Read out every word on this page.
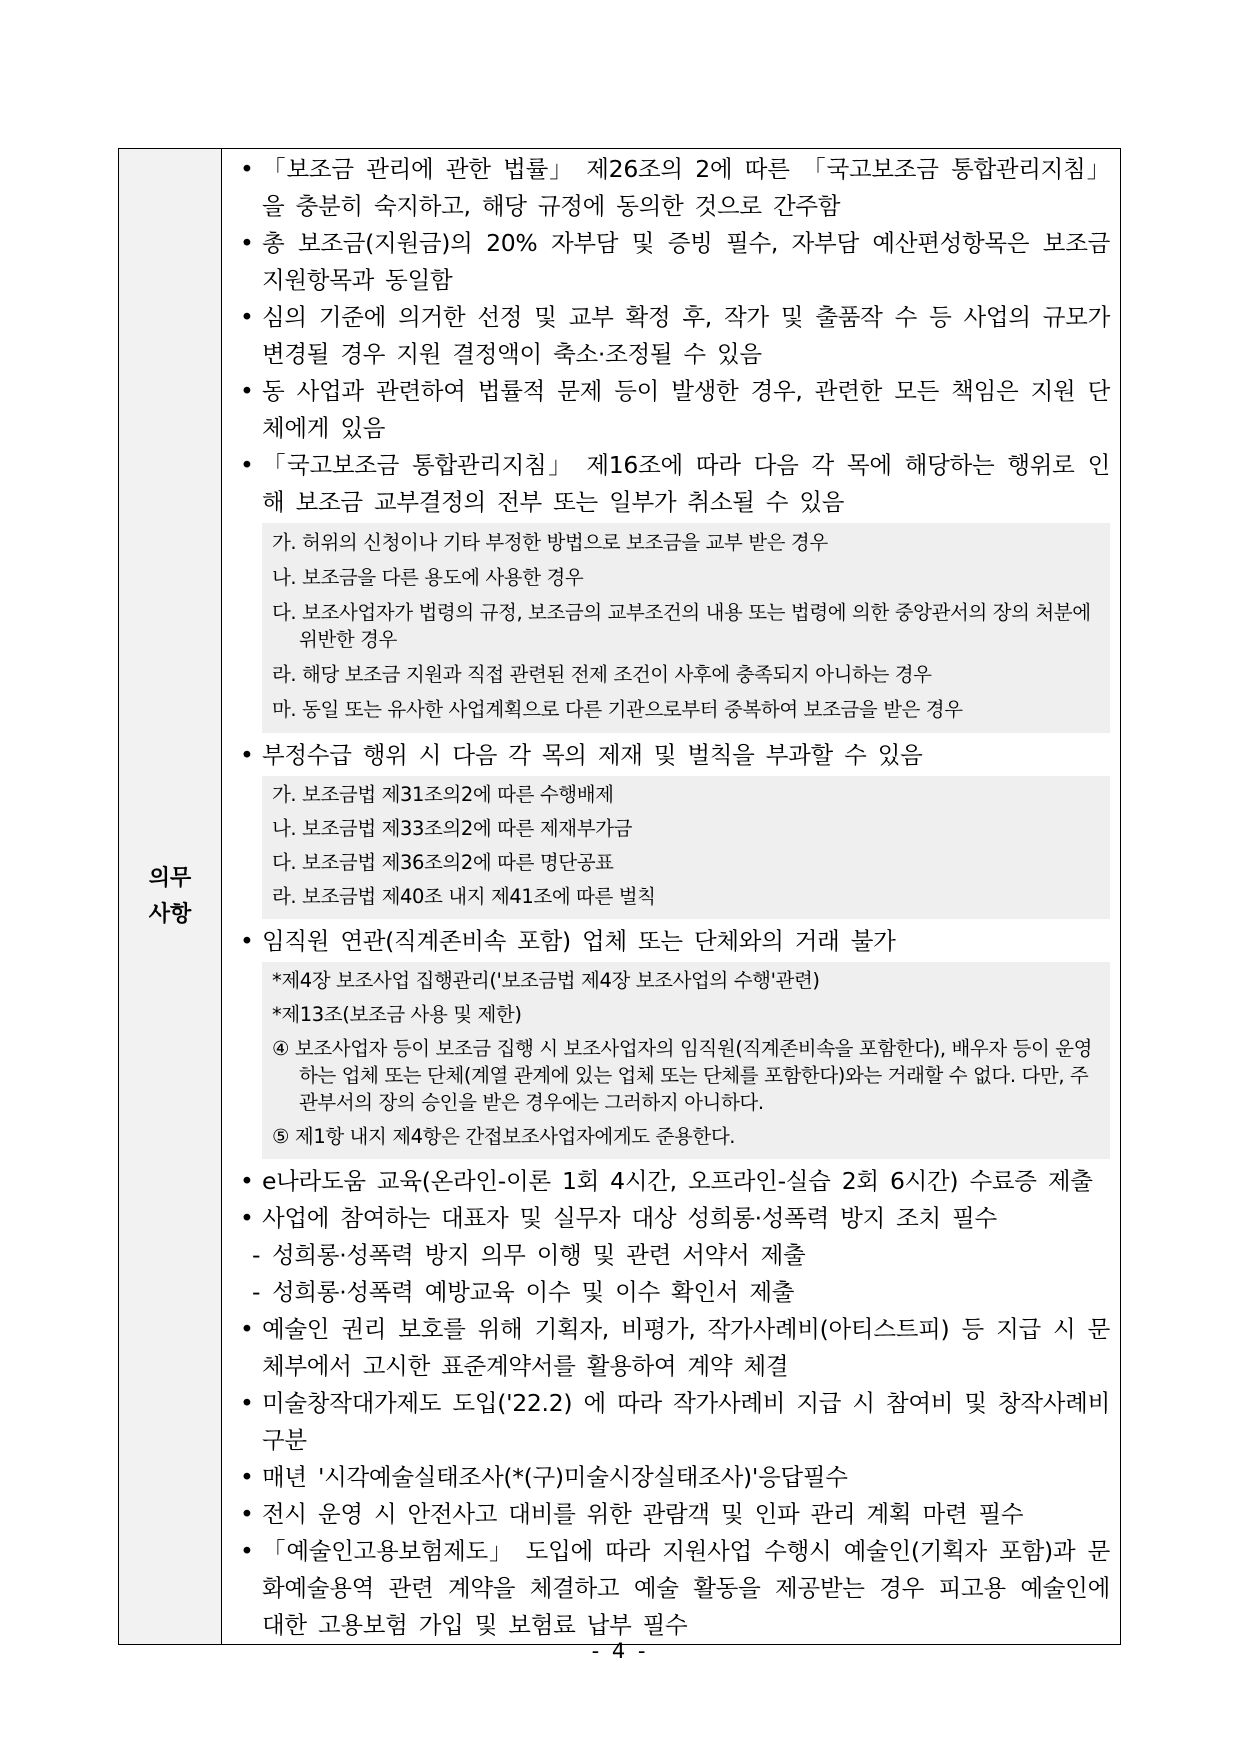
의무
사항

• 「보조금 관리에 관한 법률」 제26조의 2에 따른 「국고보조금 통합관리지침」을 충분히 숙지하고, 해당 규정에 동의한 것으로 간주함
• 총 보조금(지원금)의 20% 자부담 및 증빙 필수, 자부담 예산편성항목은 보조금 지원항목과 동일함
• 심의 기준에 의거한 선정 및 교부 확정 후, 작가 및 출품작 수 등 사업의 규모가 변경될 경우 지원 결정액이 축소·조정될 수 있음
• 동 사업과 관련하여 법률적 문제 등이 발생한 경우, 관련한 모든 책임은 지원 단체에게 있음
• 「국고보조금 통합관리지침」 제16조에 따라 다음 각 목에 해당하는 행위로 인해 보조금 교부결정의 전부 또는 일부가 취소될 수 있음
가. 허위의 신청이나 기타 부정한 방법으로 보조금을 교부 받은 경우
나. 보조금을 다른 용도에 사용한 경우
다. 보조사업자가 법령의 규정, 보조금의 교부조건의 내용 또는 법령에 의한 중앙관서의 장의 처분에 위반한 경우
라. 해당 보조금 지원과 직접 관련된 전제 조건이 사후에 충족되지 아니하는 경우
마. 동일 또는 유사한 사업계획으로 다른 기관으로부터 중복하여 보조금을 받은 경우
• 부정수급 행위 시 다음 각 목의 제재 및 벌칙을 부과할 수 있음
가. 보조금법 제31조의2에 따른 수행배제
나. 보조금법 제33조의2에 따른 제재부가금
다. 보조금법 제36조의2에 따른 명단공표
라. 보조금법 제40조 내지 제41조에 따른 벌칙
• 임직원 연관(직계존비속 포함) 업체 또는 단체와의 거래 불가
*제4장 보조사업 집행관리('보조금법 제4장 보조사업의 수행'관련)
*제13조(보조금 사용 및 제한)
④ 보조사업자 등이 보조금 집행 시 보조사업자의 임직원(직계존비속을 포함한다), 배우자 등이 운영하는 업체 또는 단체(계열 관계에 있는 업체 또는 단체를 포함한다)와는 거래할 수 없다. 다만, 주관부서의 장의 승인을 받은 경우에는 그러하지 아니하다.
⑤ 제1항 내지 제4항은 간접보조사업자에게도 준용한다.
• e나라도움 교육(온라인-이론 1회 4시간, 오프라인-실습 2회 6시간) 수료증 제출
• 사업에 참여하는 대표자 및 실무자 대상 성희롱·성폭력 방지 조치 필수
- 성희롱·성폭력 방지 의무 이행 및 관련 서약서 제출
- 성희롱·성폭력 예방교육 이수 및 이수 확인서 제출
• 예술인 권리 보호를 위해 기획자, 비평가, 작가사례비(아티스트피) 등 지급 시 문체부에서 고시한 표준계약서를 활용하여 계약 체결
• 미술창작대가제도 도입('22.2) 에 따라 작가사례비 지급 시 참여비 및 창작사례비 구분
• 매년 '시각예술실태조사(*(구)미술시장실태조사)'응답필수
• 전시 운영 시 안전사고 대비를 위한 관람객 및 인파 관리 계획 마련 필수
• 「예술인고용보험제도」 도입에 따라 지원사업 수행시 예술인(기획자 포함)과 문화예술용역 관련 계약을 체결하고 예술 활동을 제공받는 경우 피고용 예술인에 대한 고용보험 가입 및 보험료 납부 필수
- 4 -
